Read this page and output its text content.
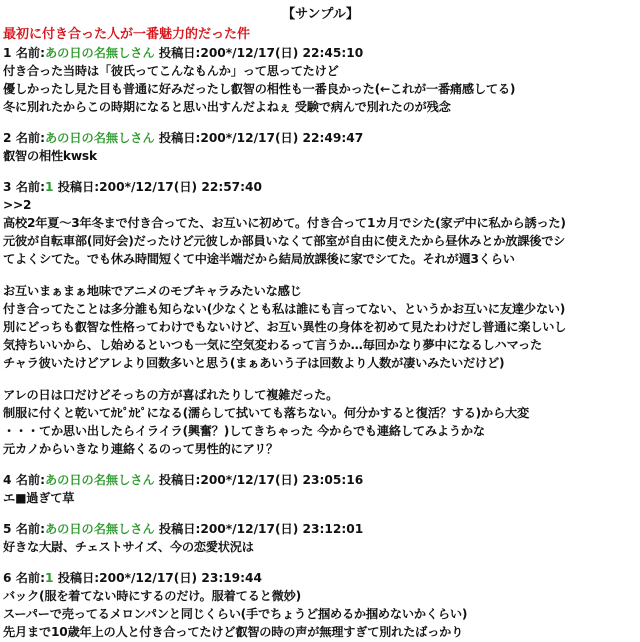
【サンプル】
最初に付き合った人が一番魅力的だった件
1 名前:あの日の名無しさん 投稿日:200*/12/17(日) 22:45:10
付き合った当時は「彼氏ってこんなもんか」って思ってたけど
優しかったし見た目も普通に好みだったし叡智の相性も一番良かった(←これが一番痛感してる)
冬に別れたからこの時期になると思い出すんだよねぇ 受験で病んで別れたのが残念
2 名前:あの日の名無しさん 投稿日:200*/12/17(日) 22:49:47
叡智の相性kwsk
3 名前:1 投稿日:200*/12/17(日) 22:57:40
>>2
高校2年夏〜3年冬まで付き合ってた、お互いに初めて。付き合って1カ月でシた(家デ中に私から誘った)
元彼が自転車部(同好会)だったけど元彼しか部員いなくて部室が自由に使えたから昼休みとか放課後でシ
てよくシてた。でも休み時間短くて中途半端だから結局放課後に家でシてた。それが週3くらい
お互いまぁまぁ地味でアニメのモブキャラみたいな感じ
付き合ってたことは多分誰も知らない(少なくとも私は誰にも言ってない、というかお互いに友達少ない)
別にどっちも叡智な性格ってわけでもないけど、お互い異性の身体を初めて見たわけだし普通に楽しいし
気持ちいいから、し始めるといつも一気に空気変わるって言うか…毎回かなり夢中になるしハマった
チャラ彼いたけどアレより回数多いと思う(まぁあいう子は回数より人数が凄いみたいだけど)
アレの日は口だけどそっちの方が喜ばれたりして複雑だった。
制服に付くと乾いてｶﾋﾟｶﾋﾟになる(濡らして拭いても落ちない。何分かすると復活？する)から大変
・・・てか思い出したらイライラ(興奮？)してきちゃった 今からでも連絡してみようかな
元カノからいきなり連絡くるのって男性的にアリ？
4 名前:あの日の名無しさん 投稿日:200*/12/17(日) 23:05:16
エ■過ぎて草
5 名前:あの日の名無しさん 投稿日:200*/12/17(日) 23:12:01
好きな大尉、チェストサイズ、今の恋愛状況は
6 名前:1 投稿日:200*/12/17(日) 23:19:44
バック(服を着てない時にするのだけ。服着てると微妙)
スーパーで売ってるメロンパンと同じくらい(手でちょうど掴めるか掴めないかくらい)
先月まで10歳年上の人と付き合ってたけど叡智の時の声が無理すぎて別れたばっかり
